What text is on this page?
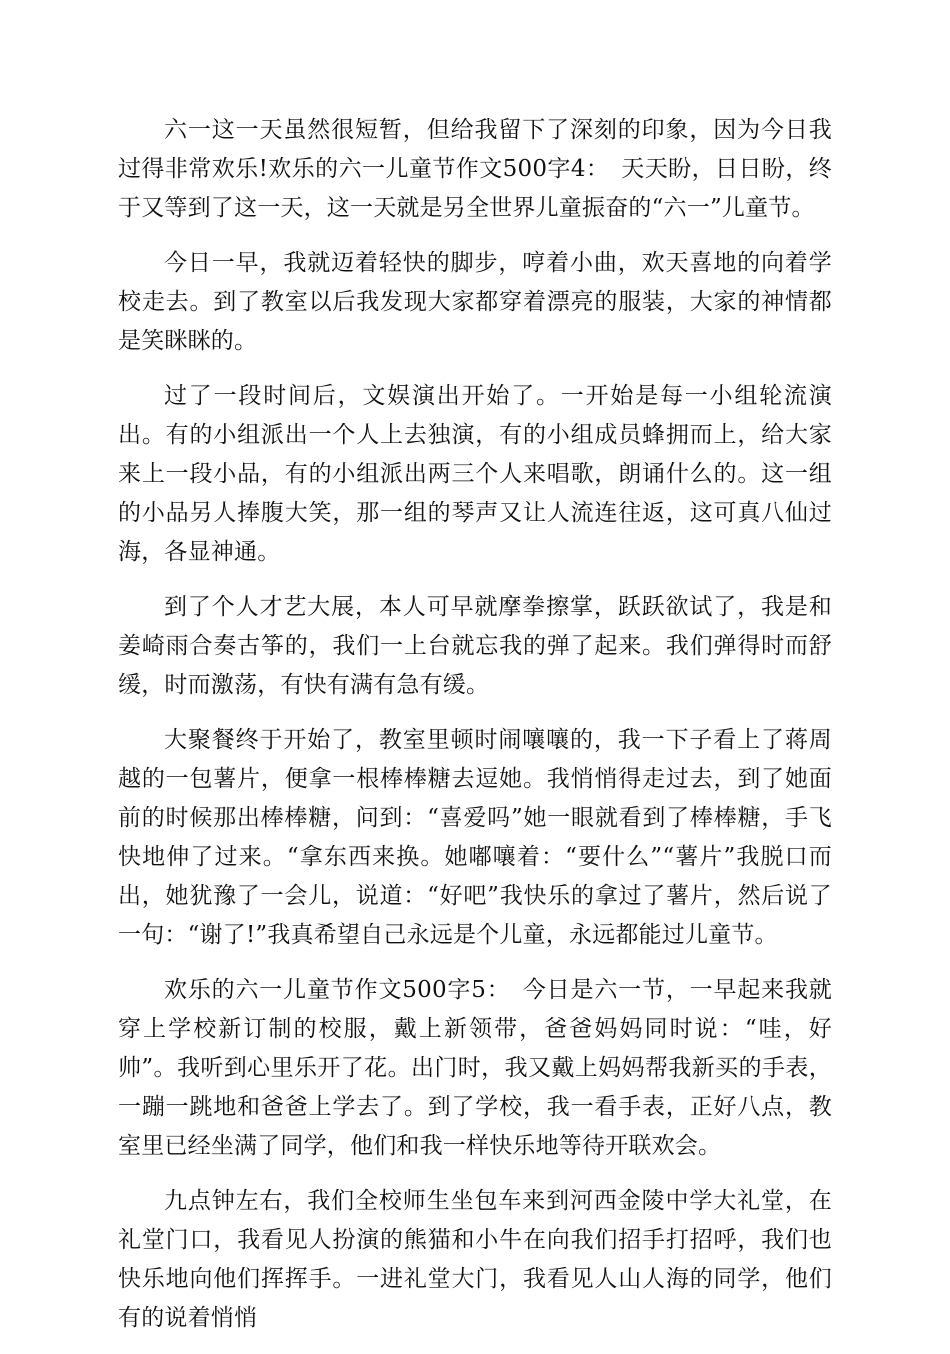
六一这一天虽然很短暂，但给我留下了深刻的印象，因为今日我过得非常欢乐!欢乐的六一儿童节作文500字4：　天天盼，日日盼，终于又等到了这一天，这一天就是另全世界儿童振奋的“六一”儿童节。

今日一早，我就迈着轻快的脚步，哼着小曲，欢天喜地的向着学校走去。到了教室以后我发现大家都穿着漂亮的服装，大家的神情都是笑眯眯的。

过了一段时间后，文娱演出开始了。一开始是每一小组轮流演出。有的小组派出一个人上去独演，有的小组成员蜂拥而上，给大家来上一段小品，有的小组派出两三个人来唱歌，朗诵什么的。这一组的小品另人捧腹大笑，那一组的琴声又让人流连往返，这可真八仙过海，各显神通。

到了个人才艺大展，本人可早就摩拳擦掌，跃跃欲试了，我是和姜崎雨合奏古筝的，我们一上台就忘我的弹了起来。我们弹得时而舒缓，时而激荡，有快有满有急有缓。

大聚餐终于开始了，教室里顿时闹嚷嚷的，我一下子看上了蒋周越的一包薯片，便拿一根棒棒糖去逗她。我悄悄得走过去，到了她面前的时候那出棒棒糖，问到：“喜爱吗”她一眼就看到了棒棒糖，手飞快地伸了过来。“拿东西来换。她嘟嚷着：“要什么”“薯片”我脱口而出，她犹豫了一会儿，说道：“好吧”我快乐的拿过了薯片，然后说了一句：“谢了!”我真希望自己永远是个儿童，永远都能过儿童节。

欢乐的六一儿童节作文500字5：　今日是六一节，一早起来我就穿上学校新订制的校服，戴上新领带，爸爸妈妈同时说：“哇，好帅”。我听到心里乐开了花。出门时，我又戴上妈妈帮我新买的手表，一蹦一跳地和爸爸上学去了。到了学校，我一看手表，正好八点，教室里已经坐满了同学，他们和我一样快乐地等待开联欢会。

九点钟左右，我们全校师生坐包车来到河西金陵中学大礼堂，在礼堂门口，我看见人扮演的熊猫和小牛在向我们招手打招呼，我们也快乐地向他们挥挥手。一进礼堂大门，我看见人山人海的同学，他们有的说着悄悄
